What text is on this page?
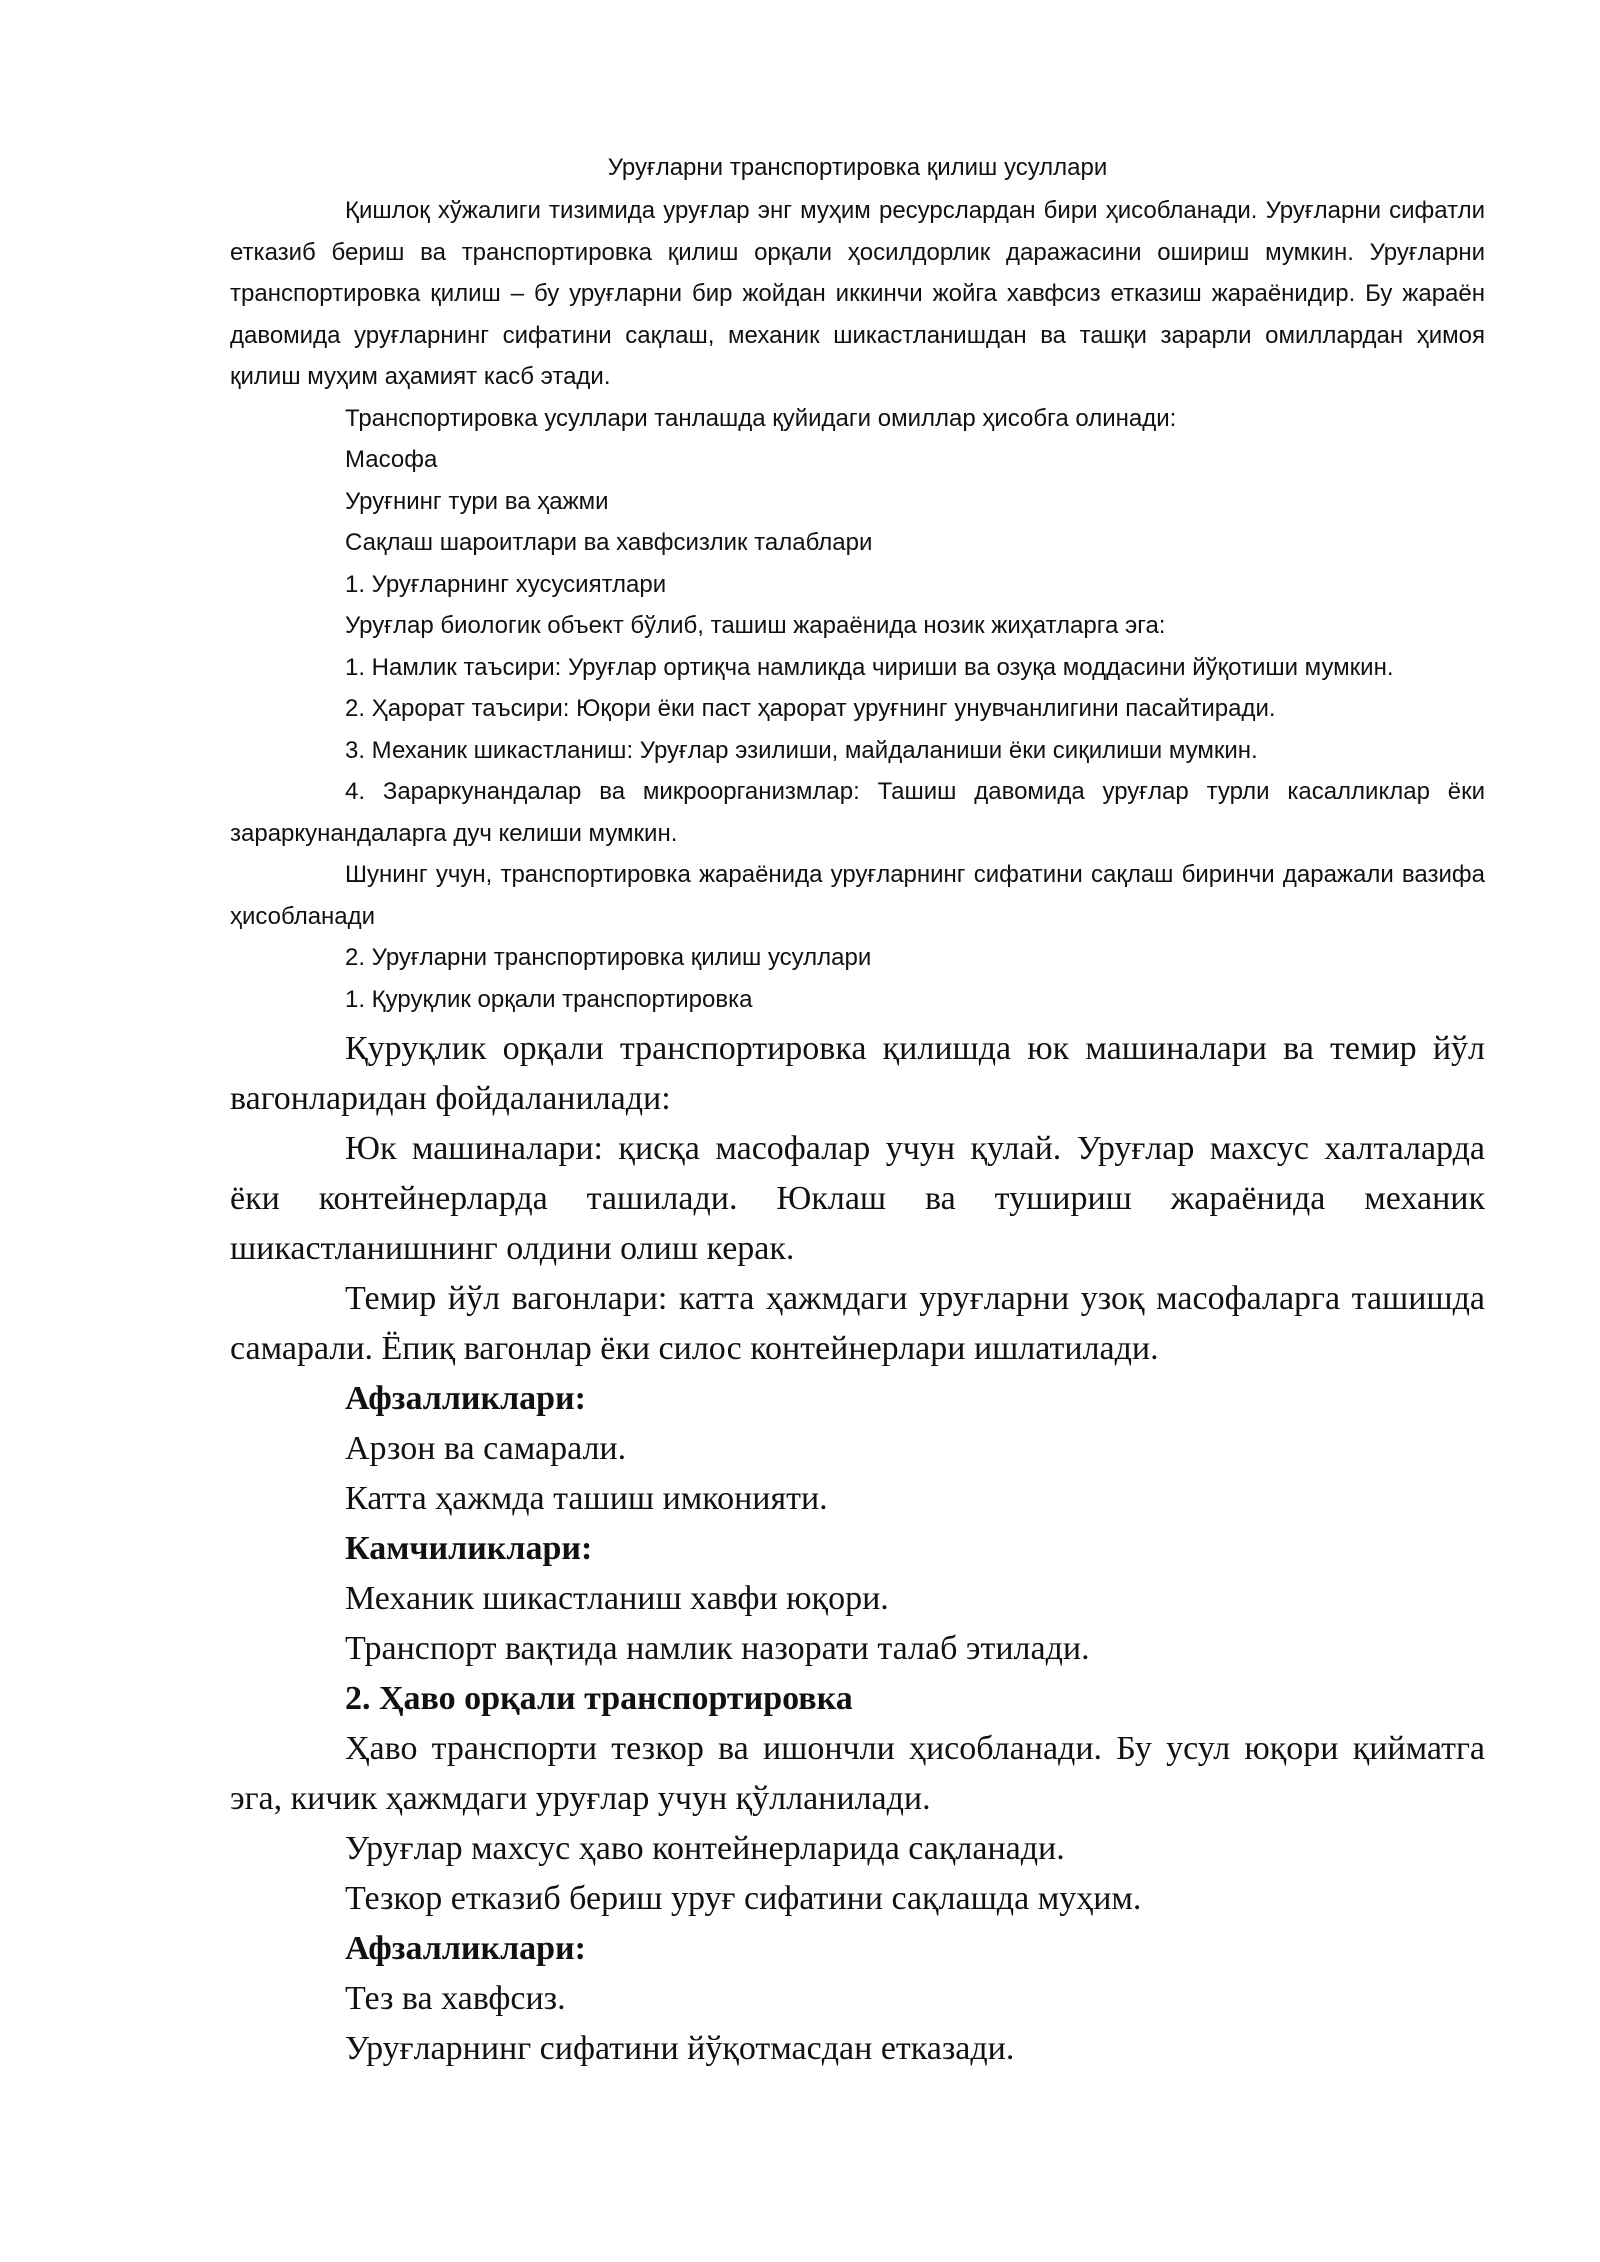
Уруғларни транспортировка қилиш усуллари

Қишлоқ хўжалиги тизимида уруғлар энг муҳим ресурслардан бири ҳисобланади. Уруғларни сифатли етказиб бериш ва транспортировка қилиш орқали ҳосилдорлик даражасини ошириш мумкин. Уруғларни транспортировка қилиш – бу уруғларни бир жойдан иккинчи жойга хавфсиз етказиш жараёнидир. Бу жараён давомида уруғларнинг сифатини сақлаш, механик шикастланишдан ва ташқи зарарли омиллардан ҳимоя қилиш муҳим аҳамият касб этади.

Транспортировка усуллари танлашда қуйидаги омиллар ҳисобга олинади:

Масофа

Уруғнинг тури ва ҳажми

Сақлаш шароитлари ва хавфсизлик талаблари

1. Уруғларнинг хусусиятлари

Уруғлар биологик объект бўлиб, ташиш жараёнида нозик жиҳатларга эга:

1. Намлик таъсири: Уруғлар ортиқча намликда чириши ва озуқа моддасини йўқотиши мумкин.

2. Ҳарорат таъсири: Юқори ёки паст ҳарорат уруғнинг унувчанлигини пасайтиради.

3. Механик шикастланиш: Уруғлар эзилиши, майдаланиши ёки сиқилиши мумкин.

4. Зараркунандалар ва микроорганизмлар: Ташиш давомида уруғлар турли касалликлар ёки зараркунандаларга дуч келиши мумкин.

Шунинг учун, транспортировка жараёнида уруғларнинг сифатини сақлаш биринчи даражали вазифа ҳисобланади

2. Уруғларни транспортировка қилиш усуллари

1. Қуруқлик орқали транспортировка

Қуруқлик орқали транспортировка қилишда юк машиналари ва темир йўл вагонларидан фойдаланилади:

Юк машиналари: қисқа масофалар учун қулай. Уруғлар махсус халталарда ёки контейнерларда ташилади. Юклаш ва тушириш жараёнида механик шикастланишнинг олдини олиш керак.

Темир йўл вагонлари: катта ҳажмдаги уруғларни узоқ масофаларга ташишда самарали. Ёпиқ вагонлар ёки силос контейнерлари ишлатилади.

Афзалликлари:

Арзон ва самарали.

Катта ҳажмда ташиш имконияти.

Камчиликлари:

Механик шикастланиш хавфи юқори.

Транспорт вақтида намлик назорати талаб этилади.

2. Ҳаво орқали транспортировка

Ҳаво транспорти тезкор ва ишончли ҳисобланади. Бу усул юқори қийматга эга, кичик ҳажмдаги уруғлар учун қўлланилади.

Уруғлар махсус ҳаво контейнерларида сақланади.

Тезкор етказиб бериш уруғ сифатини сақлашда муҳим.

Афзалликлари:

Тез ва хавфсиз.

Уруғларнинг сифатини йўқотмасдан етказади.
